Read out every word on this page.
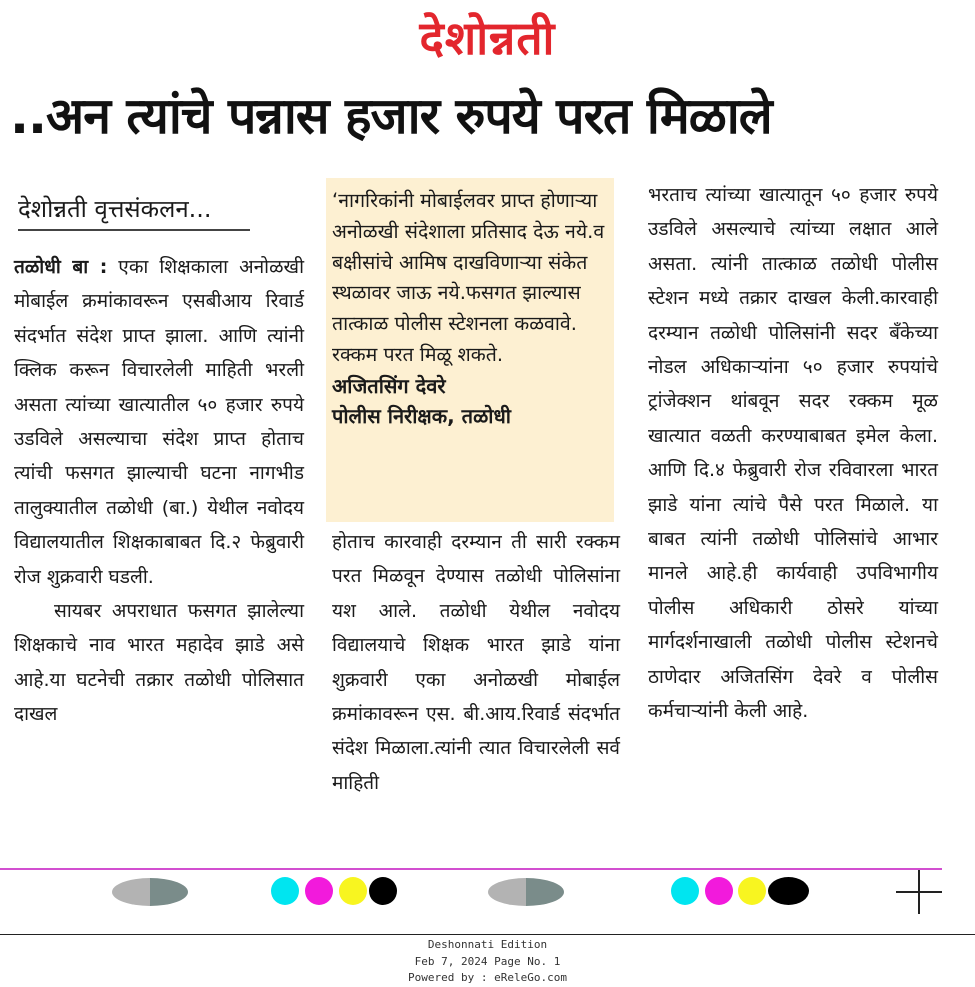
देशोन्नती
..अन त्यांचे पन्नास हजार रुपये परत मिळाले
देशोन्नती वृत्तसंकलन...

तळोधी बा : एका शिक्षकाला अनोळखी मोबाईल क्रमांकावरून एसबीआय रिवार्ड संदर्भात संदेश प्राप्त झाला. आणि त्यांनी क्लिक करून विचारलेली माहिती भरली असता त्यांच्या खात्यातील ५० हजार रुपये उडविले असल्याचा संदेश प्राप्त होताच त्यांची फसगत झाल्याची घटना नागभीड तालुक्यातील तळोधी (बा.) येथील नवोदय विद्यालयातील शिक्षकाबाबत दि.२ फेब्रुवारी रोज शुक्रवारी घडली.

सायबर अपराधात फसगत झालेल्या शिक्षकाचे नाव भारत महादेव झाडे असे आहे.या घटनेची तक्रार तळोधी पोलिसात दाखल

‘नागरिकांनी मोबाईलवर प्राप्त होणाऱ्या अनोळखी संदेशाला प्रतिसाद देऊ नये.व बक्षीसांचे आमिष दाखविणाऱ्या संकेत स्थळावर जाऊ नये.फसगत झाल्यास तात्काळ पोलीस स्टेशनला कळवावे. रक्कम परत मिळू शकते.
अजितसिंग देवरे
पोलीस निरीक्षक, तळोधी

होताच कारवाही दरम्यान ती सारी रक्कम परत मिळवून देण्यास तळोधी पोलिसांना यश आले. तळोधी येथील नवोदय विद्यालयाचे शिक्षक भारत झाडे यांना शुक्रवारी एका अनोळखी मोबाईल क्रमांकावरून एस. बी.आय.रिवार्ड संदर्भात संदेश मिळाला.त्यांनी त्यात विचारलेली सर्व माहिती

भरताच त्यांच्या खात्यातून ५० हजार रुपये उडविले असल्याचे त्यांच्या लक्षात आले असता. त्यांनी तात्काळ तळोधी पोलीस स्टेशन मध्ये तक्रार दाखल केली.कारवाही दरम्यान तळोधी पोलिसांनी सदर बँकेच्या नोडल अधिकाऱ्यांना ५० हजार रुपयांचे ट्रांजेक्शन थांबवून सदर रक्कम मूळ खात्यात वळती करण्याबाबत इमेल केला. आणि दि.४ फेब्रुवारी रोज रविवारला भारत झाडे यांना त्यांचे पैसे परत मिळाले. या बाबत त्यांनी तळोधी पोलिसांचे आभार मानले आहे.ही कार्यवाही उपविभागीय पोलीस अधिकारी ठोसरे यांच्या मार्गदर्शनाखाली तळोधी पोलीस स्टेशनचे ठाणेदार अजितसिंग देवरे व पोलीस कर्मचाऱ्यांनी केली आहे.

Deshonnati Edition
Feb 7, 2024 Page No. 1
Powered by : eReleGo.com
